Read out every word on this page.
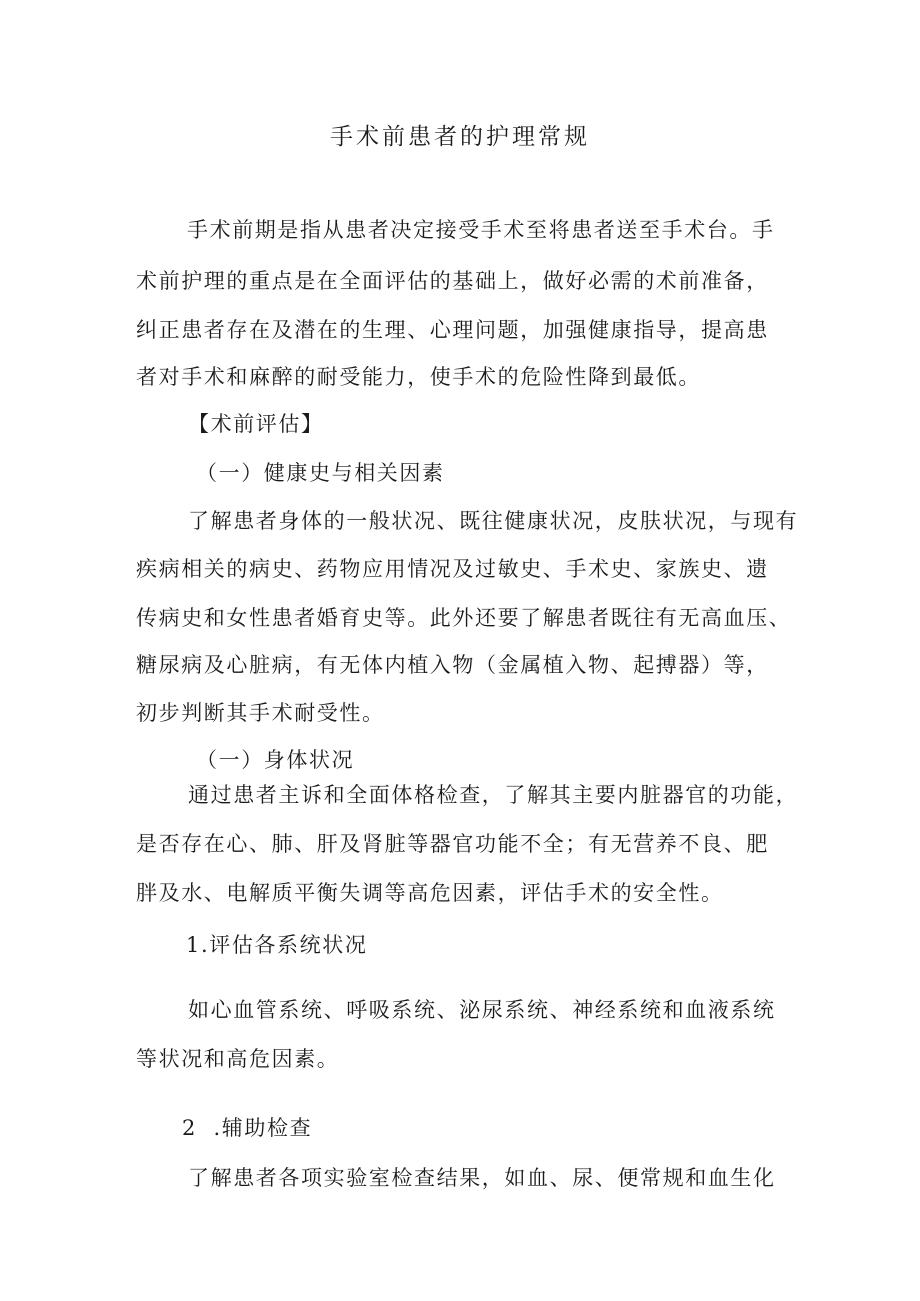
手术前患者的护理常规
手术前期是指从患者决定接受手术至将患者送至手术台。手
术前护理的重点是在全面评估的基础上，做好必需的术前准备，
纠正患者存在及潜在的生理、心理问题，加强健康指导，提高患
者对手术和麻醉的耐受能力，使手术的危险性降到最低。
【术前评估】
（一）健康史与相关因素
了解患者身体的一般状况、既往健康状况，皮肤状况，与现有
疾病相关的病史、药物应用情况及过敏史、手术史、家族史、遗
传病史和女性患者婚育史等。此外还要了解患者既往有无高血压、
糖尿病及心脏病，有无体内植入物（金属植入物、起搏器）等，
初步判断其手术耐受性。
（一）身体状况
通过患者主诉和全面体格检查，了解其主要内脏器官的功能，
是否存在心、肺、肝及肾脏等器官功能不全；有无营养不良、肥
胖及水、电解质平衡失调等高危因素，评估手术的安全性。
1.评估各系统状况
如心血管系统、呼吸系统、泌尿系统、神经系统和血液系统
等状况和高危因素。
2  .辅助检查
了解患者各项实验室检查结果，如血、尿、便常规和血生化
